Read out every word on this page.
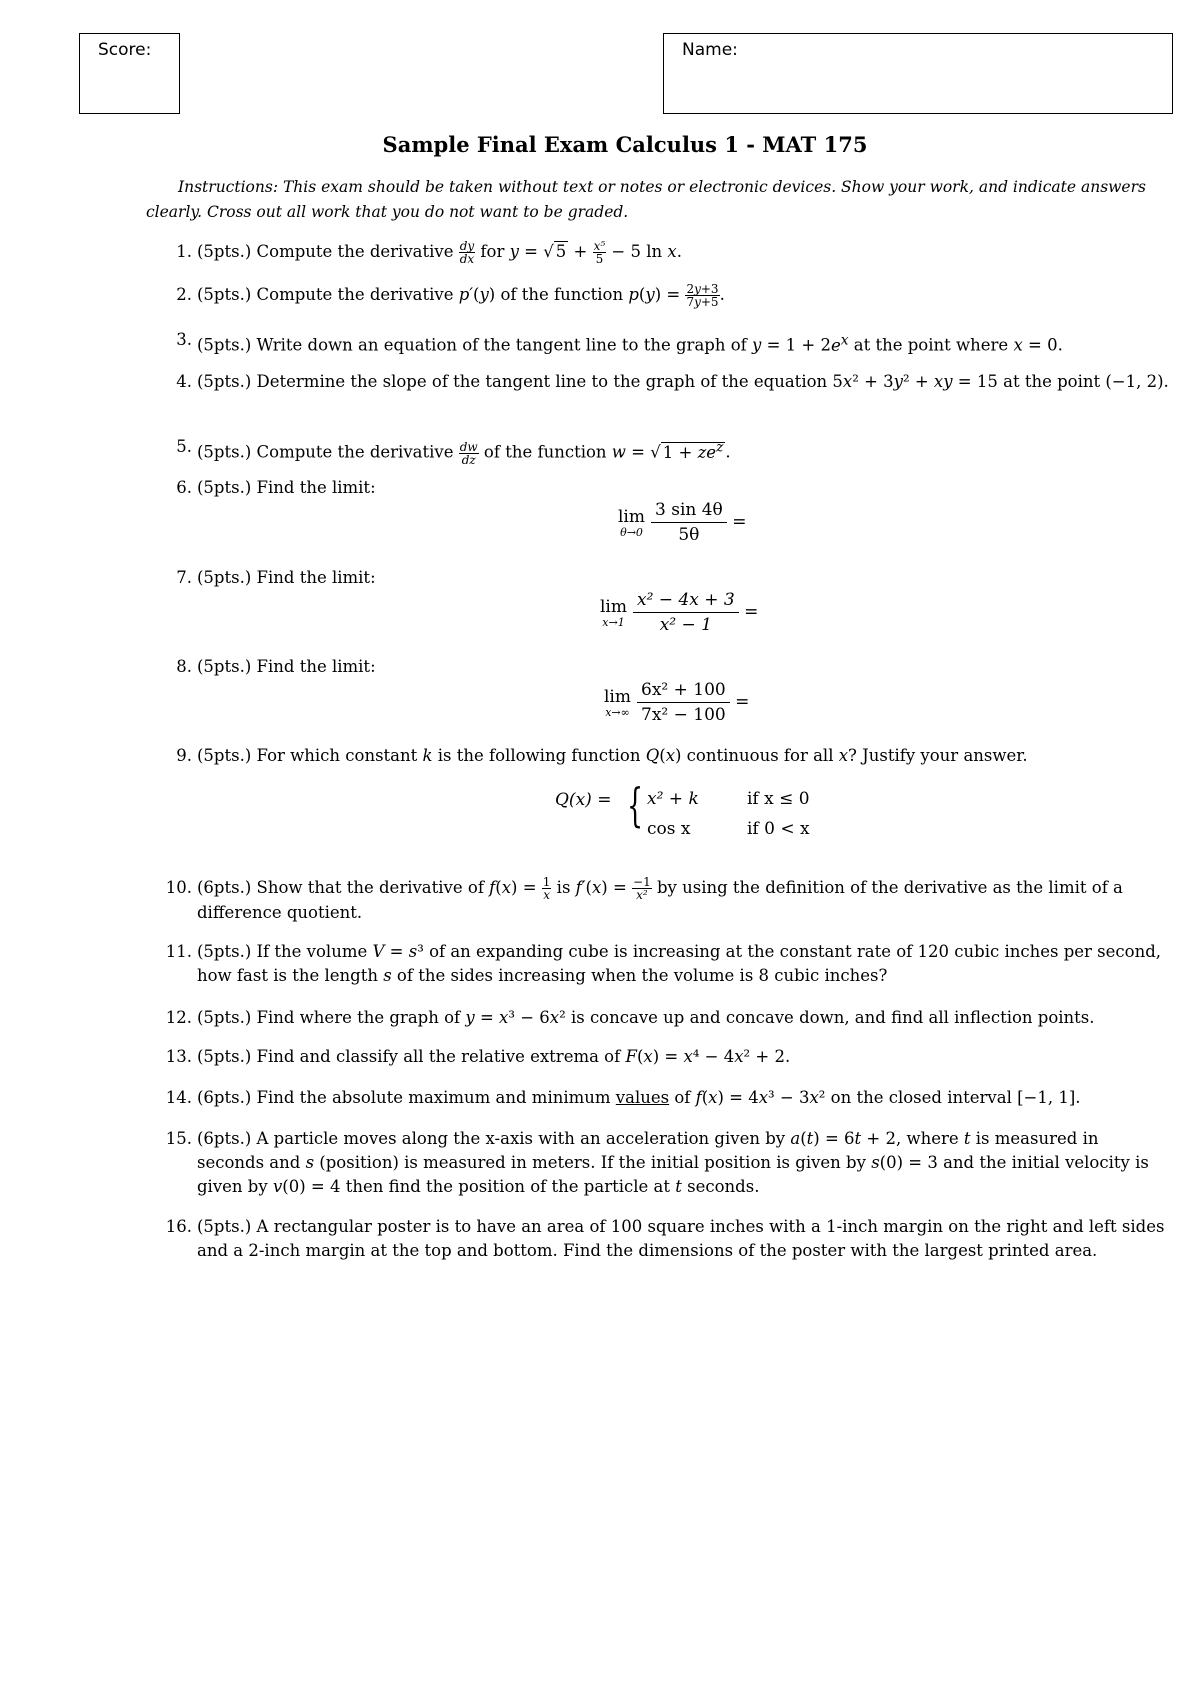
Score:	Name:
Sample Final Exam Calculus 1 - MAT 175
Instructions: This exam should be taken without text or notes or electronic devices. Show your work, and indicate answers clearly. Cross out all work that you do not want to be graded.
1. (5pts.) Compute the derivative $\frac{dy}{dx}$ for y = √ $5 + \frac{\text{x⁵}}{5} - 5$ ln x.
2. (5pts.) Compute the derivative p′(y) of the function $p(y) = \frac{2y+3}{7y+5}$ .
3. (5pts.) Write down an equation of the tangent line to the graph of $y = 1 + 2e^x$ at the point where x = 0.
4. (5pts.) Determine the slope of the tangent line to the graph of the equation 5x² + 3y² + xy = 15 at the point (−1, 2).
5. (5pts.) Compute the derivative $\frac{dw}{dz}$ of the function w = √ $1 + ze^z$ .
6. (5pts.) Find the limit:
lim
$\theta\to 0 \frac{3 \sin 4\theta}{5\theta}$ =
7. (5pts.) Find the limit:
lim
$x\to 1 \frac{\text{x² − 4x + 3}}{\text{x² − 1}}$ =
8. (5pts.) Find the limit:
lim
$x\to\infty \frac{\text{6x² + 100}}{\text{7x² − 100}}$ =
9. (5pts.) For which constant k is the following function Q(x) continuous for all x? Justify your answer.
Q(x) = { x² + k	if x ≤ 0
cos x	if 0 < x
10. (6pts.) Show that the derivative of $f(x) = \frac{1}{x}$ is $f'(x) = \frac{-1}{\text{x²}}$ by using the definition of the derivative as the limit of a difference quotient.
11. (5pts.) If the volume V = s³ of an expanding cube is increasing at the constant rate of 120 cubic inches per second, how fast is the length s of the sides increasing when the volume is 8 cubic inches?
12. (5pts.) Find where the graph of y = x³ − 6x² is concave up and concave down, and find all inflection points.
13. (5pts.) Find and classify all the relative extrema of F(x) = x⁴ − 4x² + 2.
14. (6pts.) Find the absolute maximum and minimum values of f(x) = 4x³ − 3x² on the closed interval [−1, 1].
15. (6pts.) A particle moves along the x-axis with an acceleration given by a(t) = 6t + 2, where t is measured in seconds and s (position) is measured in meters. If the initial position is given by s(0) = 3 and the initial velocity is given by v(0) = 4 then find the position of the particle at t seconds.
16. (5pts.) A rectangular poster is to have an area of 100 square inches with a 1-inch margin on the right and left sides and a 2-inch margin at the top and bottom. Find the dimensions of the poster with the largest printed area.
